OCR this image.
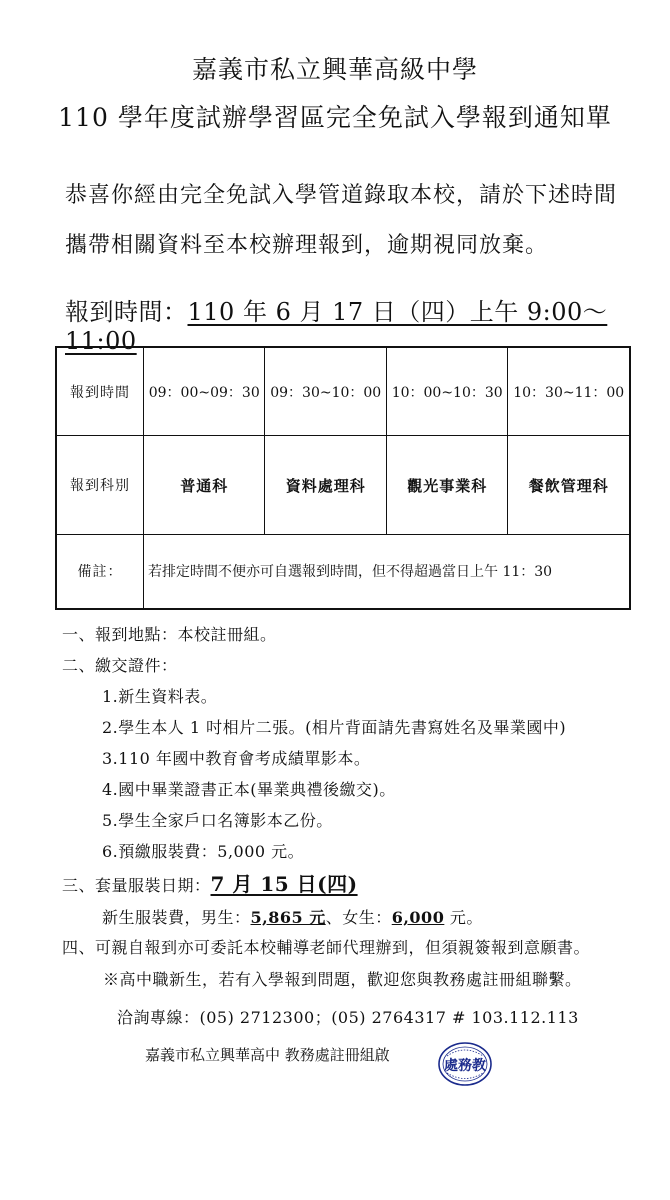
嘉義市私立興華高級中學
110 學年度試辦學習區完全免試入學報到通知單
恭喜你經由完全免試入學管道錄取本校，請於下述時間
攜帶相關資料至本校辦理報到，逾期視同放棄。
報到時間：110 年 6 月 17 日（四）上午 9:00～11:00
報到時間	09：00~09：30	09：30~10：00	10：00~10：30	10：30~11：00
報到科別	普通科	資料處理科	觀光事業科	餐飲管理科
備註：	若排定時間不便亦可自選報到時間，但不得超過當日上午 11：30			
一、報到地點：本校註冊組。
二、繳交證件：
1.新生資料表。
2.學生本人 1 吋相片二張。(相片背面請先書寫姓名及畢業國中)
3.110 年國中教育會考成績單影本。
4.國中畢業證書正本(畢業典禮後繳交)。
5.學生全家戶口名簿影本乙份。
6.預繳服裝費：5,000 元。
三、套量服裝日期：7 月 15 日(四)
新生服裝費，男生：5,865 元、女生：6,000 元。
四、可親自報到亦可委託本校輔導老師代理辦到，但須親簽報到意願書。
※高中職新生，若有入學報到問題，歡迎您與教務處註冊組聯繫。
洽詢專線：(05) 2712300；(05) 2764317 # 103.112.113
嘉義市私立興華高中 教務處註冊組啟
處務教
